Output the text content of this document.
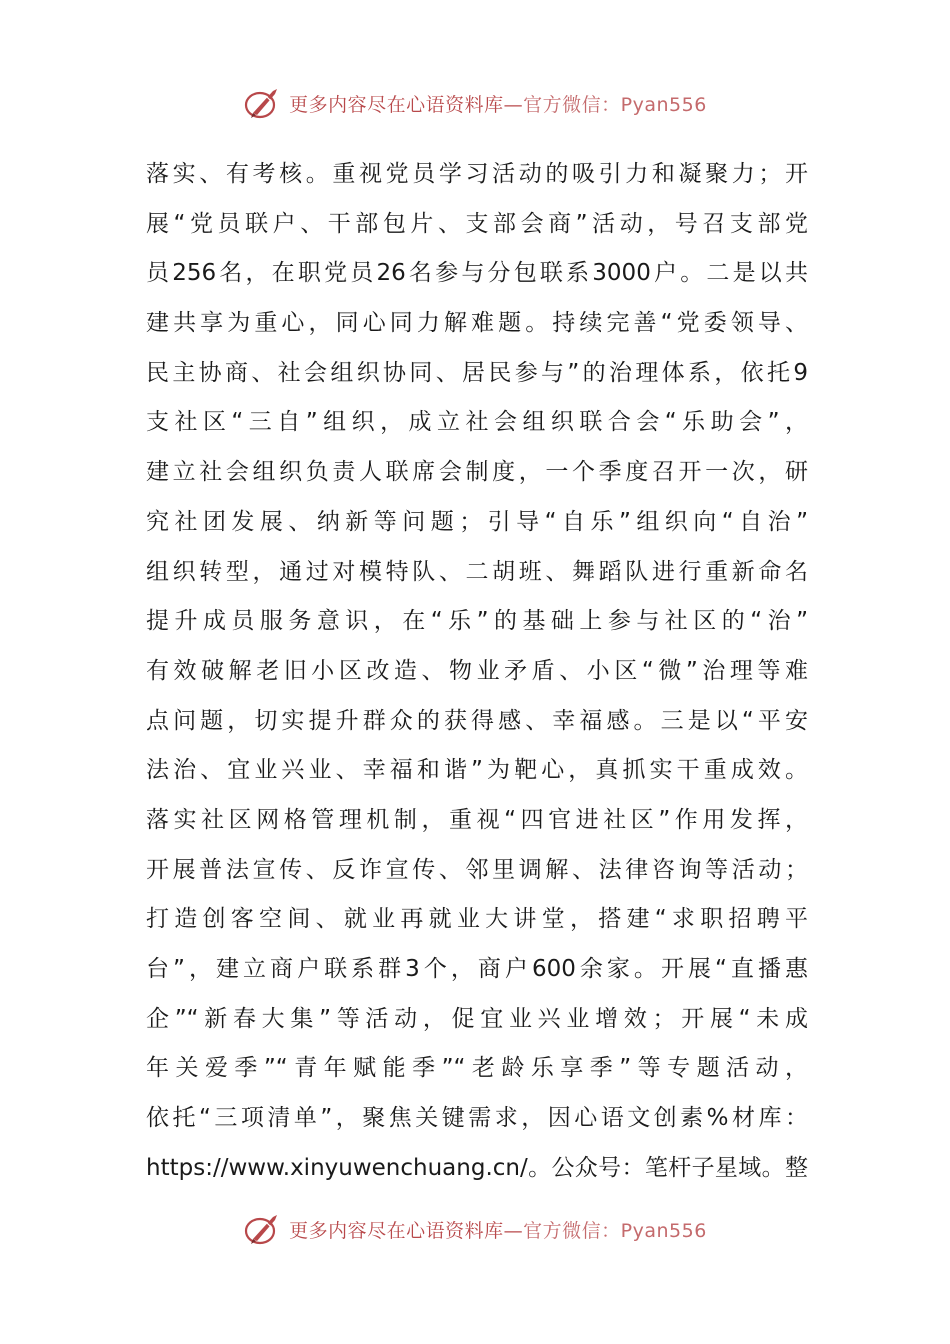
更多内容尽在心语资料库—官方微信：Pyan556
落实、有考核。重视党员学习活动的吸引力和凝聚力；开
展“党员联户、干部包片、支部会商”活动，号召支部党
员256名，在职党员26名参与分包联系3000户。二是以共
建共享为重心，同心同力解难题。持续完善“党委领导、
民主协商、社会组织协同、居民参与”的治理体系，依托9
支社区“三自”组织，成立社会组织联合会“乐助会”，
建立社会组织负责人联席会制度，一个季度召开一次，研
究社团发展、纳新等问题；引导“自乐”组织向“自治”
组织转型，通过对模特队、二胡班、舞蹈队进行重新命名
提升成员服务意识，在“乐”的基础上参与社区的“治”
有效破解老旧小区改造、物业矛盾、小区“微”治理等难
点问题，切实提升群众的获得感、幸福感。三是以“平安
法治、宜业兴业、幸福和谐”为靶心，真抓实干重成效。
落实社区网格管理机制，重视“四官进社区”作用发挥，
开展普法宣传、反诈宣传、邻里调解、法律咨询等活动；
打造创客空间、就业再就业大讲堂，搭建“求职招聘平
台”，建立商户联系群3个，商户600余家。开展“直播惠
企”“新春大集”等活动，促宜业兴业增效；开展“未成
年关爱季”“青年赋能季”“老龄乐享季”等专题活动，
依托“三项清单”，聚焦关键需求，因心语文创素%材库：
https://www.xinyuwenchuang.cn/。公众号：笔杆子星域。整
更多内容尽在心语资料库—官方微信：Pyan556
